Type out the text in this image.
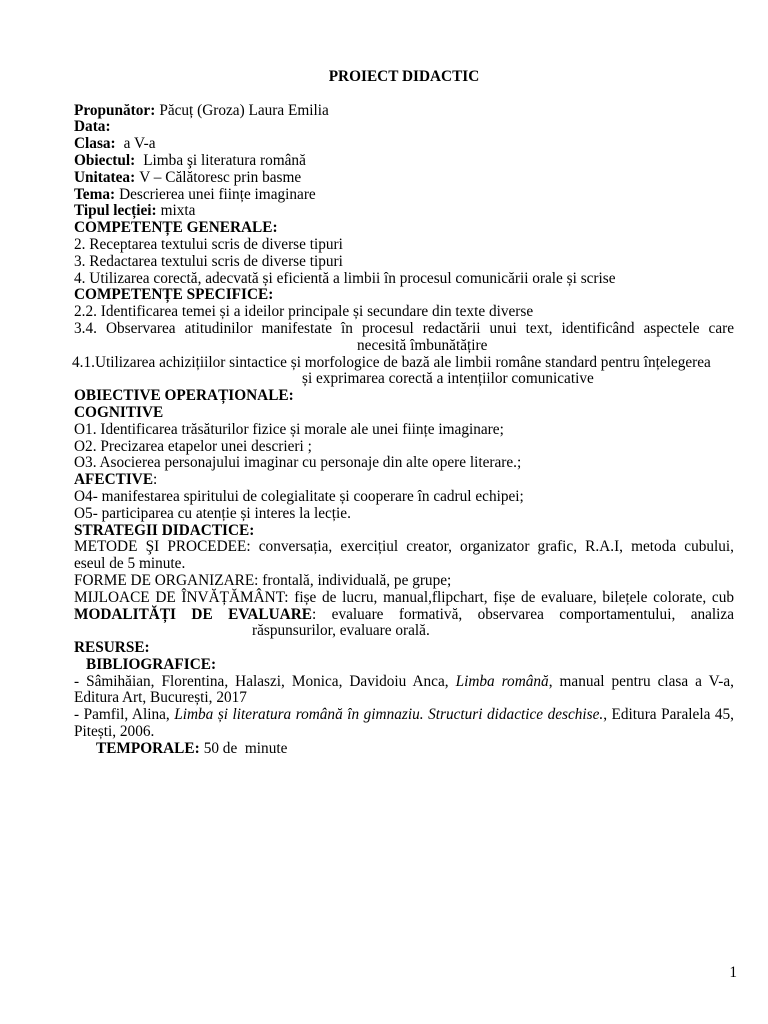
PROIECT DIDACTIC
Propunător: Păcuț (Groza) Laura Emilia
Data:
Clasa: a V-a
Obiectul: Limba şi literatura română
Unitatea: V – Călătoresc prin basme
Tema: Descrierea unei ființe imaginare
Tipul lecției: mixta
COMPETENȚE GENERALE:
2. Receptarea textului scris de diverse tipuri
3. Redactarea textului scris de diverse tipuri
4. Utilizarea corectă, adecvată și eficientă a limbii în procesul comunicării orale și scrise
COMPETENȚE SPECIFICE:
2.2. Identificarea temei și a ideilor principale și secundare din texte diverse
3.4. Observarea atitudinilor manifestate în procesul redactării unui text, identificând aspectele care
necesită îmbunătățire
4.1.Utilizarea achizițiilor sintactice și morfologice de bază ale limbii române standard pentru înțelegerea
și exprimarea corectă a intențiilor comunicative
OBIECTIVE OPERAȚIONALE:
COGNITIVE
O1. Identificarea trăsăturilor fizice și morale ale unei ființe imaginare;
O2. Precizarea etapelor unei descrieri ;
O3. Asocierea personajului imaginar cu personaje din alte opere literare.;
AFECTIVE:
O4- manifestarea spiritului de colegialitate și cooperare în cadrul echipei;
O5- participarea cu atenție și interes la lecție.
STRATEGII DIDACTICE:
METODE ŞI PROCEDEE: conversația, exercițiul creator, organizator grafic, R.A.I, metoda cubului,
eseul de 5 minute.
FORME DE ORGANIZARE: frontală, individuală, pe grupe;
MIJLOACE DE ÎNVĂȚĂMÂNT: fișe de lucru, manual,flipchart, fișe de evaluare, bilețele colorate, cub
MODALITĂȚI DE EVALUARE: evaluare formativă, observarea comportamentului, analiza
răspunsurilor, evaluare orală.
RESURSE:
BIBLIOGRAFICE:
- Sâmihăian, Florentina, Halaszi, Monica, Davidoiu Anca, Limba română, manual pentru clasa a V-a,
Editura Art, București, 2017
- Pamfil, Alina, Limba și literatura română în gimnaziu. Structuri didactice deschise., Editura Paralela 45,
Pitești, 2006.
TEMPORALE: 50 de  minute
1
